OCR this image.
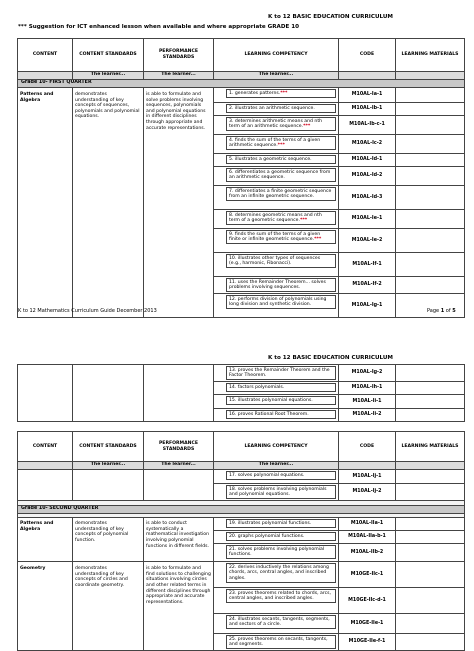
K to 12 BASIC EDUCATION CURRICULUM
*** Suggestion for ICT enhanced lesson when available and where appropriate GRADE 10
CONTENT	CONTENT STANDARDS	PERFORMANCE STANDARDS	LEARNING COMPETENCY	CODE	LEARNING MATERIALS
	The learner...	The learner...	The learner...		
Grade 10- FIRST QUARTER					
Patterns and Algebra	demonstrates understanding of key concepts of sequences, polynomials and polynomial equations.	is able to formulate and solve problems involving sequences, polynomials and polynomial equations in different disciplines through appropriate and accurate representations.	1. generates patterns.***	M10AL-Ia-1	

			2. illustrates an arithmetic sequence.	M10AL-Ib-1	

			3. determines arithmetic means and nth term of an arithmetic sequence.***	M10AL-Ib-c-1	

			4. finds the sum of the terms of a given arithmetic sequence.***	M10AL-Ic-2	

			5. illustrates a geometric sequence.	M10AL-Id-1	

			6. differentiates a geometric sequence from an arithmetic sequence.	M10AL-Id-2	

			7. differentiates a finite geometric sequence from an infinite geometric sequence.	M10AL-Id-3	

			8. determines geometric means and nth term of a geometric sequence.***	M10AL-Ie-1	

			9. finds the sum of the terms of a given finite or infinite geometric sequence.***	M10AL-Ie-2	

			10. illustrates other types of sequences (e.g., harmonic, Fibonacci).	M10AL-If-1	

			11. uses the Remainder Theorem... solves problems involving sequences.	M10AL-If-2	

			12. performs division of polynomials using long division and synthetic division.	M10AL-Ig-1	
K to 12 Mathematics Curriculum Guide December 2013	Page 1 of 5
K to 12 BASIC EDUCATION CURRICULUM

			13. proves the Remainder Theorem and the Factor Theorem.	M10AL-Ig-2	

			14. factors polynomials.	M10AL-Ih-1	

			15. illustrates polynomial equations.	M10AL-Ii-1	

			16. proves Rational Root Theorem.	M10AL-Ii-2	
CONTENT	CONTENT STANDARDS	PERFORMANCE STANDARDS	LEARNING COMPETENCY	CODE	LEARNING MATERIALS
	The learner...	The learner...	The learner...		

			17. solves polynomial equations.	M10AL-Ij-1	

			18. solves problems involving polynomials and polynomial equations.	M10AL-Ij-2	

Grade 10- SECOND QUARTER					

Patterns and Algebra	demonstrates understanding of key concepts of polynomial function.	is able to conduct systematically a mathematical investigation involving polynomial functions in different fields.	19. illustrates polynomial functions.	M10AL-IIa-1	

			20. graphs polynomial functions.	M10AL-IIa-b-1	

			21. solves problems involving polynomial functions.	M10AL-IIb-2	
Geometry	demonstrates understanding of key concepts of circles and coordinate geometry.	is able to formulate and find solutions to challenging situations involving circles and other related terms in different disciplines through appropriate and accurate representations.	22. derives inductively the relations among chords, arcs, central angles, and inscribed angles.	M10GE-IIc-1	

			23. proves theorems related to chords, arcs, central angles, and inscribed angles.	M10GE-IIc-d-1	

			24. illustrates secants, tangents, segments, and sectors of a circle.	M10GE-IIe-1	

			25. proves theorems on secants, tangents, and segments.	M10GE-IIe-f-1	
